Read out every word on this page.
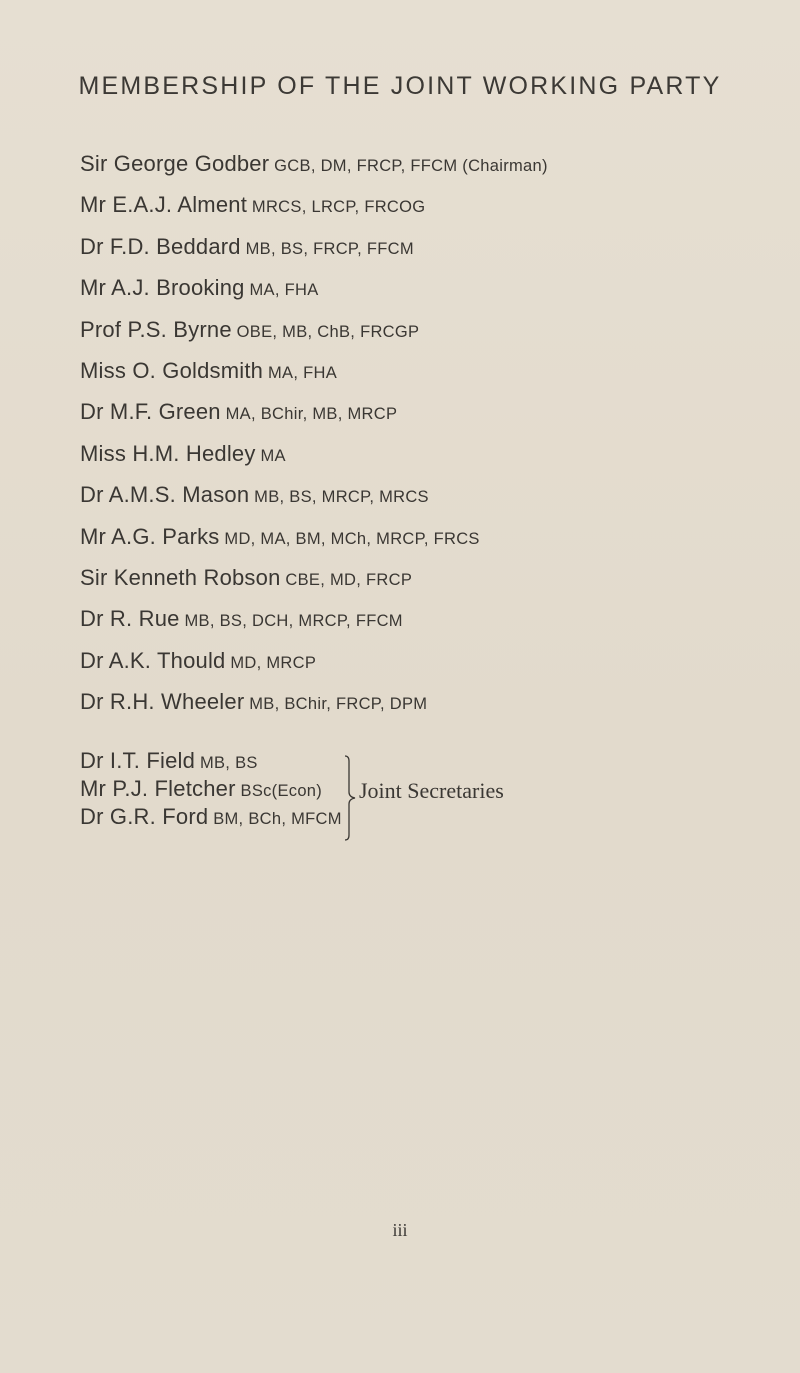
MEMBERSHIP OF THE JOINT WORKING PARTY
Sir George Godber GCB, DM, FRCP, FFCM (Chairman)
Mr E.A.J. Alment MRCS, LRCP, FRCOG
Dr F.D. Beddard MB, BS, FRCP, FFCM
Mr A.J. Brooking MA, FHA
Prof P.S. Byrne OBE, MB, ChB, FRCGP
Miss O. Goldsmith MA, FHA
Dr M.F. Green MA, BChir, MB, MRCP
Miss H.M. Hedley MA
Dr A.M.S. Mason MB, BS, MRCP, MRCS
Mr A.G. Parks MD, MA, BM, MCh, MRCP, FRCS
Sir Kenneth Robson CBE, MD, FRCP
Dr R. Rue MB, BS, DCH, MRCP, FFCM
Dr A.K. Thould MD, MRCP
Dr R.H. Wheeler MB, BChir, FRCP, DPM
Dr I.T. Field MB, BS
Mr P.J. Fletcher BSc(Econ)
Dr G.R. Ford BM, BCh, MFCM
Joint Secretaries
iii
